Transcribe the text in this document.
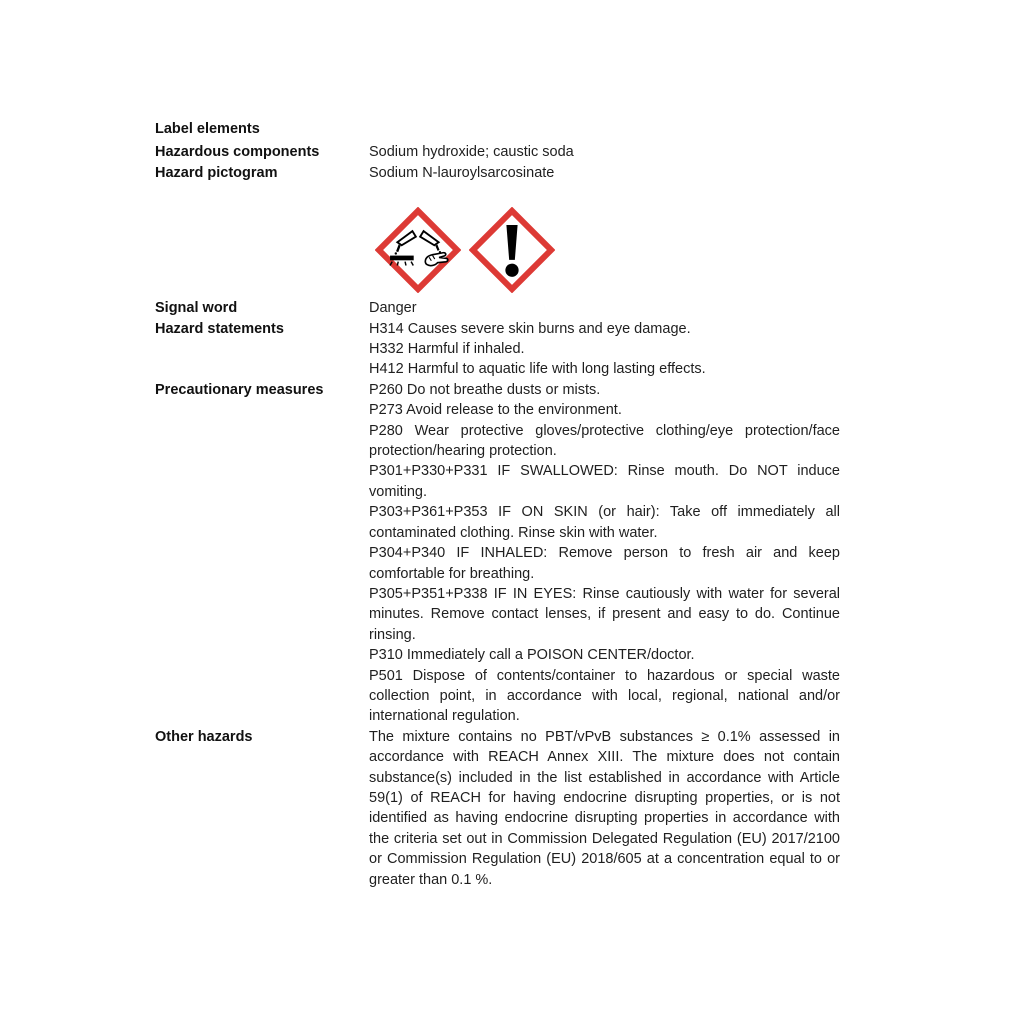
Label elements
Hazardous components	Sodium hydroxide; caustic soda

Hazard pictogram	Sodium N-lauroylsarcosinate

Signal word	Danger

Hazard statements	H314 Causes severe skin burns and eye damage.

H332 Harmful if inhaled.

H412 Harmful to aquatic life with long lasting effects.

Precautionary measures	P260 Do not breathe dusts or mists.

P273 Avoid release to the environment.

P280 Wear protective gloves/protective clothing/eye protection/face protection/hearing protection.

P301+P330+P331 IF SWALLOWED: Rinse mouth. Do NOT induce vomiting.

P303+P361+P353 IF ON SKIN (or hair): Take off immediately all contaminated clothing. Rinse skin with water.

P304+P340 IF INHALED: Remove person to fresh air and keep comfortable for breathing.

P305+P351+P338 IF IN EYES: Rinse cautiously with water for several minutes. Remove contact lenses, if present and easy to do. Continue rinsing.

P310 Immediately call a POISON CENTER/doctor.

P501 Dispose of contents/container to hazardous or special waste collection point, in accordance with local, regional, national and/or international regulation.

Other hazards	The mixture contains no PBT/vPvB substances ≥ 0.1% assessed in accordance with REACH Annex XIII. The mixture does not contain substance(s) included in the list established in accordance with Article 59(1) of REACH for having endocrine disrupting properties, or is not identified as having endocrine disrupting properties in accordance with the criteria set out in Commission Delegated Regulation (EU) 2017/2100 or Commission Regulation (EU) 2018/605 at a concentration equal to or greater than 0.1 %.
